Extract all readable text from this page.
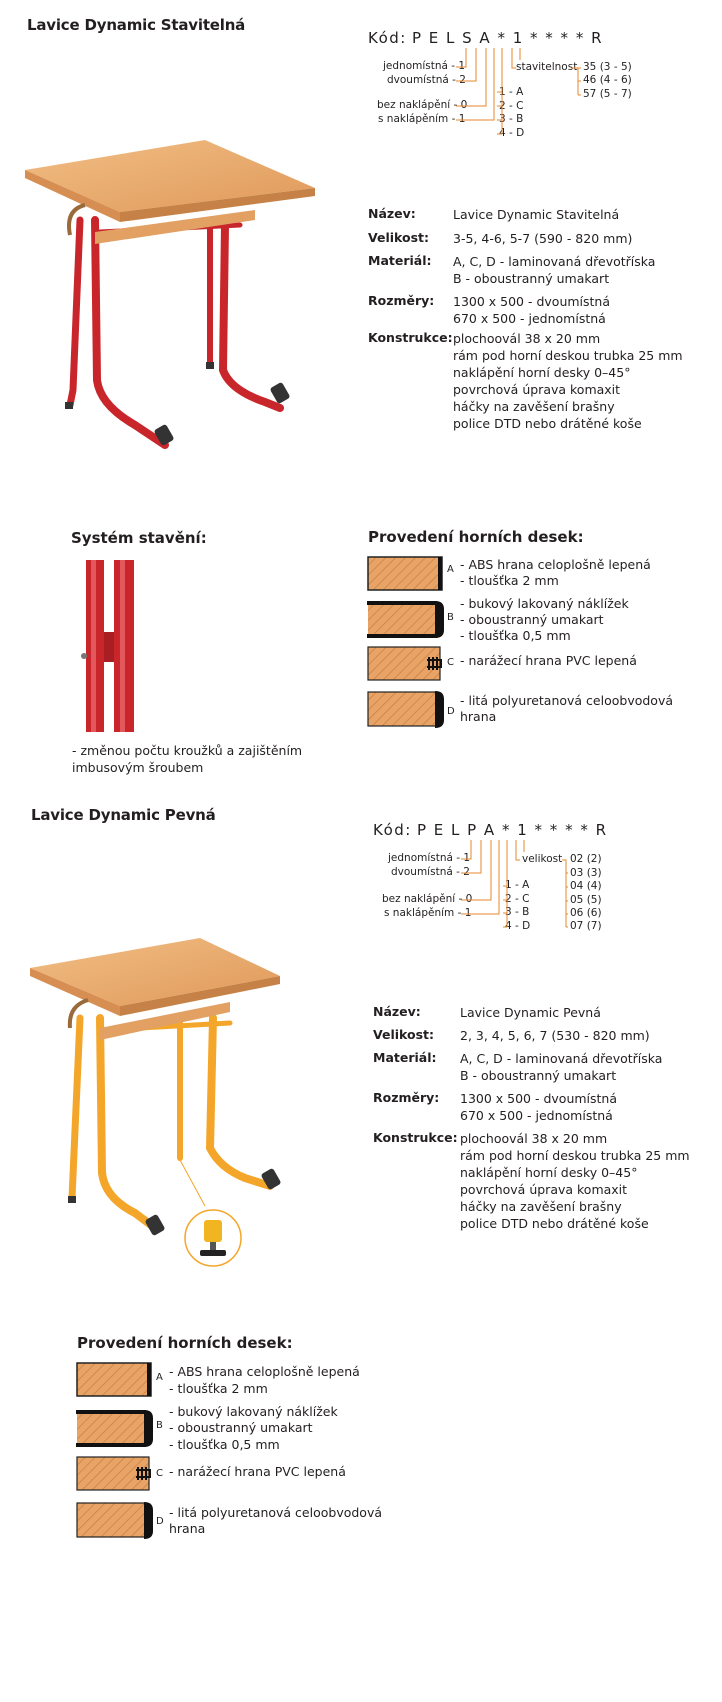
Lavice Dynamic Stavitelná
Kód: P E L S A * 1 * * * * R
jednomístná - 1
dvoumístná - 2
bez naklápění - 0
s naklápěním - 1
1 - A
2 - C
3 - B
4 - D
stavitelnost 35 (3 - 5)
46 (4 - 6)
57 (5 - 7)
Název:	Lavice Dynamic Stavitelná
Velikost: 3-5, 4-6, 5-7 (590 - 820 mm)
Materiál: A, C, D - laminovaná dřevotříska
B - oboustranný umakart
Rozměry: 1300 x 500 - dvoumístná
670 x 500 - jednomístná
Konstrukce: plochoovál 38 x 20 mm
rám pod horní deskou trubka 25 mm
naklápění horní desky 0–45°
povrchová úprava komaxit
háčky na zavěšení brašny
police DTD nebo drátěné koše
Systém stavění:
- změnou počtu kroužků a zajištěním
imbusovým šroubem
Provedení horních desek:
A - ABS hrana celoplošně lepená
- tloušťka 2 mm
B
- bukový lakovaný náklížek
- oboustranný umakart
- tloušťka 0,5 mm
C - narážecí hrana PVC lepená
D
- litá polyuretanová celoobvodová
hrana
Lavice Dynamic Pevná
Kód: P E L P A * 1 * * * * R
jednomístná - 1
dvoumístná - 2
bez naklápění - 0
s naklápěním - 1
1 - A
2 - C
3 - B
4 - D
velikost 02 (2)
03 (3)
04 (4)
05 (5)
06 (6)
07 (7)
Název:	Lavice Dynamic Pevná
Velikost: 2, 3, 4, 5, 6, 7 (530 - 820 mm)
Materiál: A, C, D - laminovaná dřevotříska
B - oboustranný umakart
Rozměry: 1300 x 500 - dvoumístná
670 x 500 - jednomístná
Konstrukce: plochoovál 38 x 20 mm
rám pod horní deskou trubka 25 mm
naklápění horní desky 0–45°
povrchová úprava komaxit
háčky na zavěšení brašny
police DTD nebo drátěné koše
Provedení horních desek:
A - ABS hrana celoplošně lepená
- tloušťka 2 mm
B
- bukový lakovaný náklížek
- oboustranný umakart
- tloušťka 0,5 mm
C - narážecí hrana PVC lepená
D
- litá polyuretanová celoobvodová
hrana
